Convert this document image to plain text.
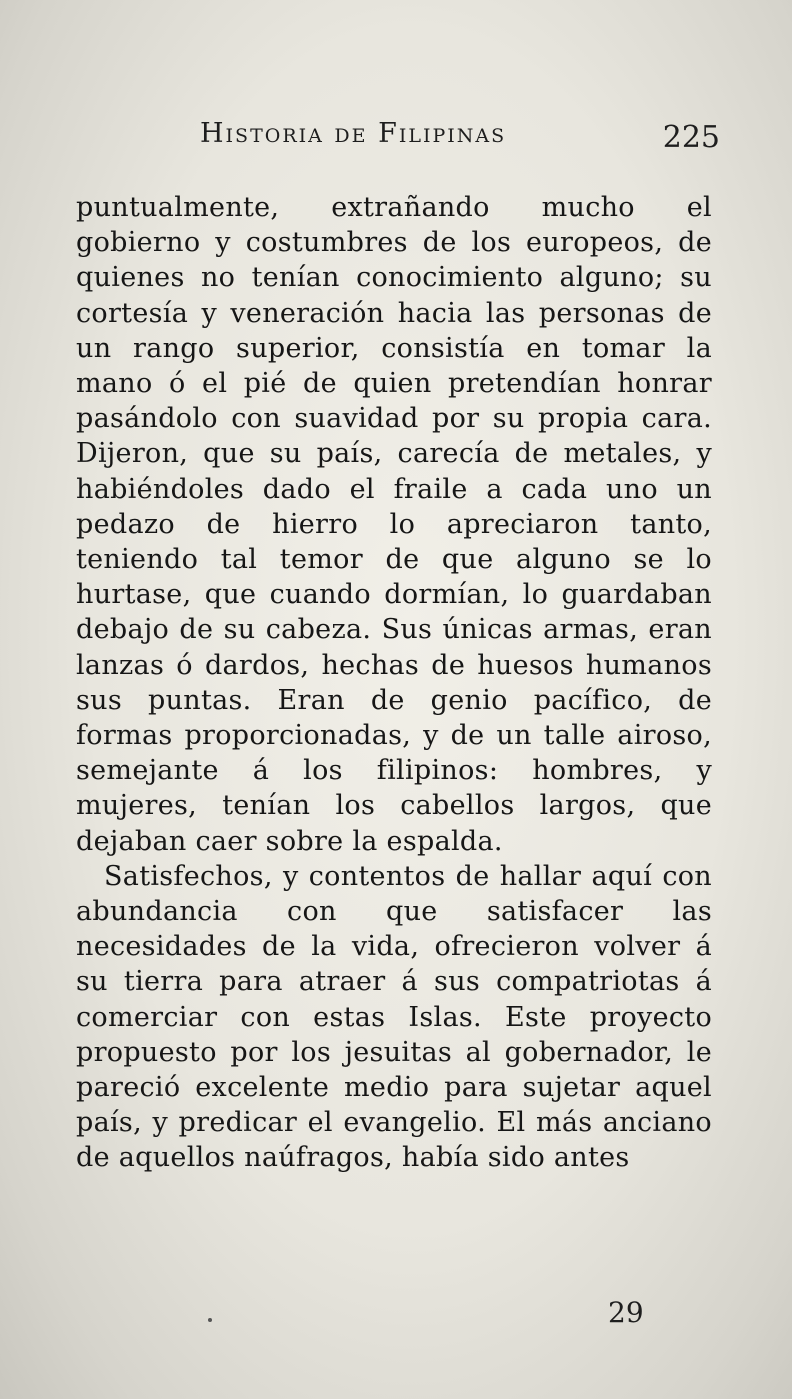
Historia de Filipinas	225

puntualmente, extrañando mucho el gobierno y costumbres de los europeos, de quienes no tenían conocimiento alguno; su cortesía y veneración hacia las personas de un rango superior, consistía en tomar la mano ó el pié de quien pretendían honrar pasándolo con suavidad por su propia cara. Dijeron, que su país, carecía de metales, y habiéndoles dado el fraile a cada uno un pedazo de hierro lo apreciaron tanto, teniendo tal temor de que alguno se lo hurtase, que cuando dormían, lo guardaban debajo de su cabeza. Sus únicas armas, eran lanzas ó dardos, hechas de huesos humanos sus puntas. Eran de genio pacífico, de formas proporcionadas, y de un talle airoso, semejante á los filipinos: hombres, y mujeres, tenían los cabellos largos, que dejaban caer sobre la espalda.

Satisfechos, y contentos de hallar aquí con abundancia con que satisfacer las necesidades de la vida, ofrecieron volver á su tierra para atraer á sus compatriotas á comerciar con estas Islas. Este proyecto propuesto por los jesuitas al gobernador, le pareció excelente medio para sujetar aquel país, y predicar el evangelio. El más anciano de aquellos naúfragos, había sido antes

29
